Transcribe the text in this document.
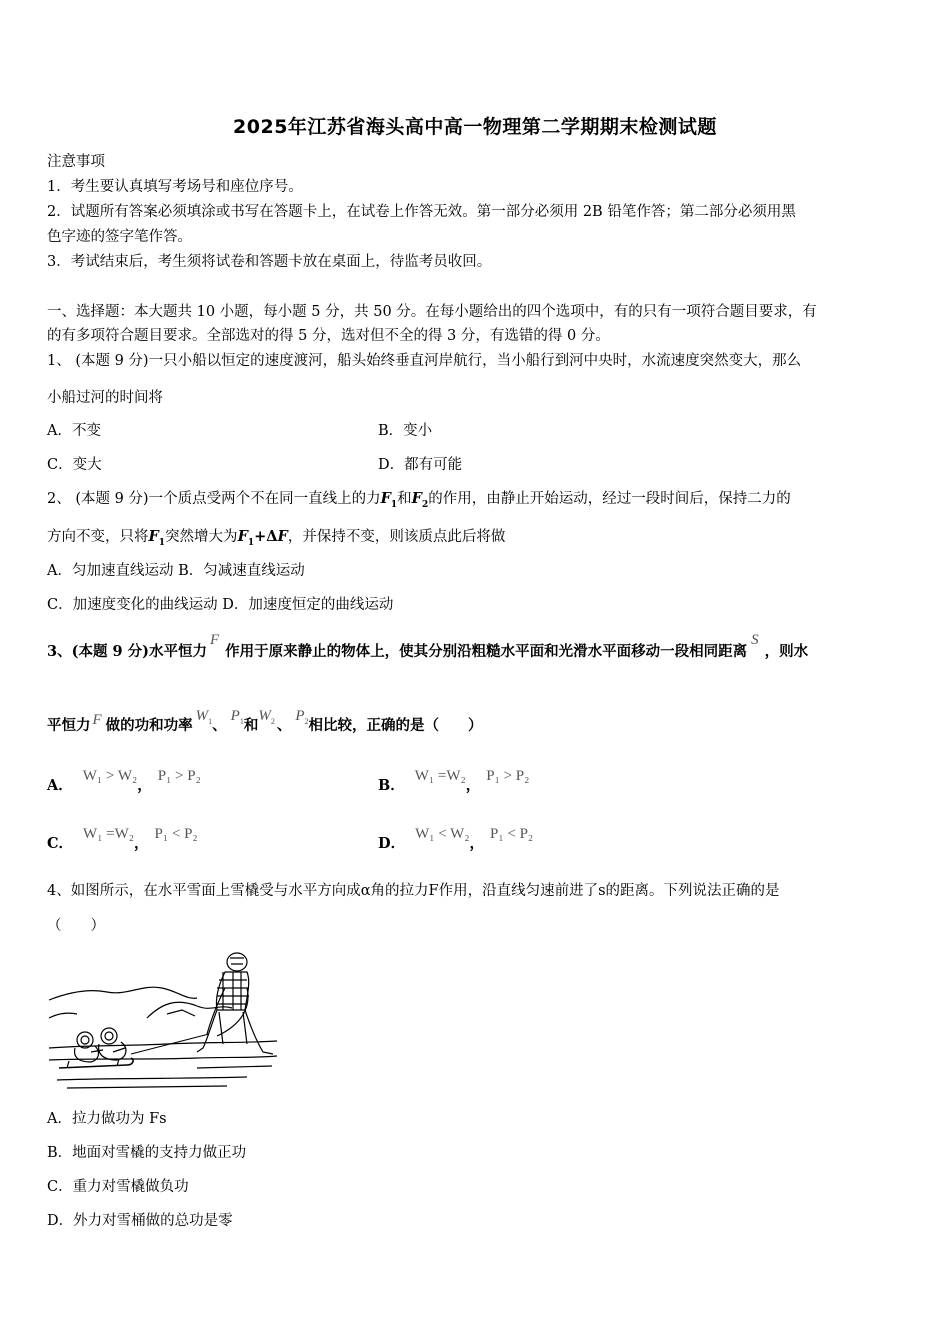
2025年江苏省海头高中高一物理第二学期期末检测试题
注意事项
1．考生要认真填写考场号和座位序号。
2．试题所有答案必须填涂或书写在答题卡上，在试卷上作答无效。第一部分必须用 2B 铅笔作答；第二部分必须用黑
色字迹的签字笔作答。
3．考试结束后，考生须将试卷和答题卡放在桌面上，待监考员收回。
一、选择题：本大题共 10 小题，每小题 5 分，共 50 分。在每小题给出的四个选项中，有的只有一项符合题目要求，有
的有多项符合题目要求。全部选对的得 5 分，选对但不全的得 3 分，有选错的得 0 分。
1、 (本题 9 分)一只小船以恒定的速度渡河，船头始终垂直河岸航行，当小船行到河中央时，水流速度突然变大，那么
小船过河的时间将
A．不变	B．变小
C．变大	D．都有可能
2、 (本题 9 分)一个质点受两个不在同一直线上的力$F_1$和$F_2$的作用，由静止开始运动，经过一段时间后，保持二力的
方向不变，只将$F_1$突然增大为$F_1+\Delta F$，并保持不变，则该质点此后将做
A．匀加速直线运动 B．匀减速直线运动
C．加速度变化的曲线运动 D．加速度恒定的曲线运动
3、(本题 9 分)水平恒力F作用于原来静止的物体上，使其分别沿粗糙水平面和光滑水平面移动一段相同距离S，则水
平恒力 F 做的功和功率$W_1$、$P_1$和$W_2$ 、$P_2$相比较，正确的是（　　）
A．W₁ > W₂，P₁ > P₂
B．W₁ =W₂，P₁ > P₂
C．W₁ =W₂，P₁ < P₂
D．W₁ < W₂，P₁ < P₂
4、如图所示，在水平雪面上雪橇受与水平方向成α角的拉力F作用，沿直线匀速前进了s的距离。下列说法正确的是
（　　）
A．拉力做功为 Fs
B．地面对雪橇的支持力做正功
C．重力对雪橇做负功
D．外力对雪桶做的总功是零
